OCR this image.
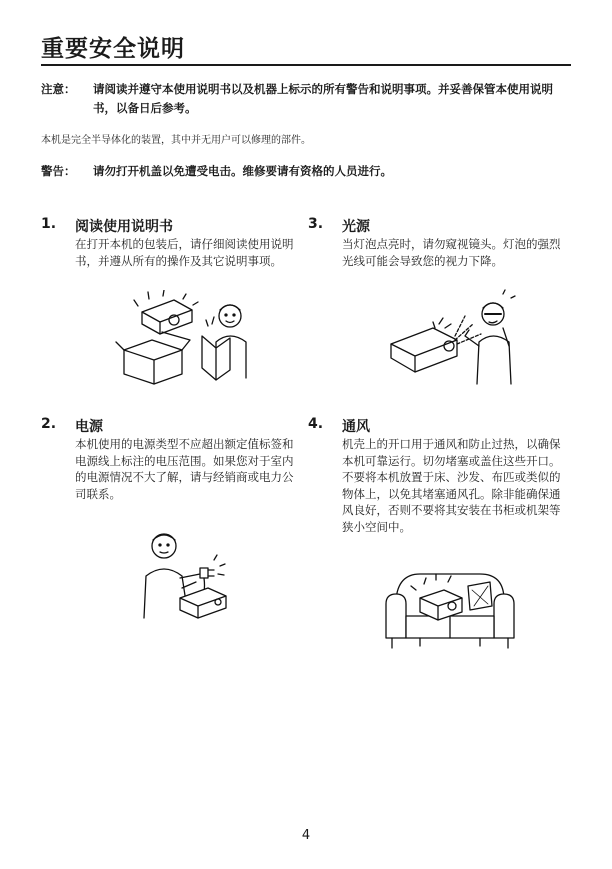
重要安全说明
注意： 请阅读并遵守本使用说明书以及机器上标示的所有警告和说明事项。并妥善保管本使用说明书，以备日后参考。
本机是完全半导体化的装置，其中并无用户可以修理的部件。
警告： 请勿打开机盖以免遭受电击。维修要请有资格的人员进行。
1. 阅读使用说明书
在打开本机的包装后，请仔细阅读使用说明书，并遵从所有的操作及其它说明事项。
3. 光源
当灯泡点亮时，请勿窥视镜头。灯泡的强烈光线可能会导致您的视力下降。
2. 电源
本机使用的电源类型不应超出额定值标签和电源线上标注的电压范围。如果您对于室内的电源情况不大了解，请与经销商或电力公司联系。
4. 通风
机壳上的开口用于通风和防止过热，以确保本机可靠运行。切勿堵塞或盖住这些开口。不要将本机放置于床、沙发、布匹或类似的物体上，以免其堵塞通风孔。除非能确保通风良好，否则不要将其安装在书柜或机架等狭小空间中。
4
